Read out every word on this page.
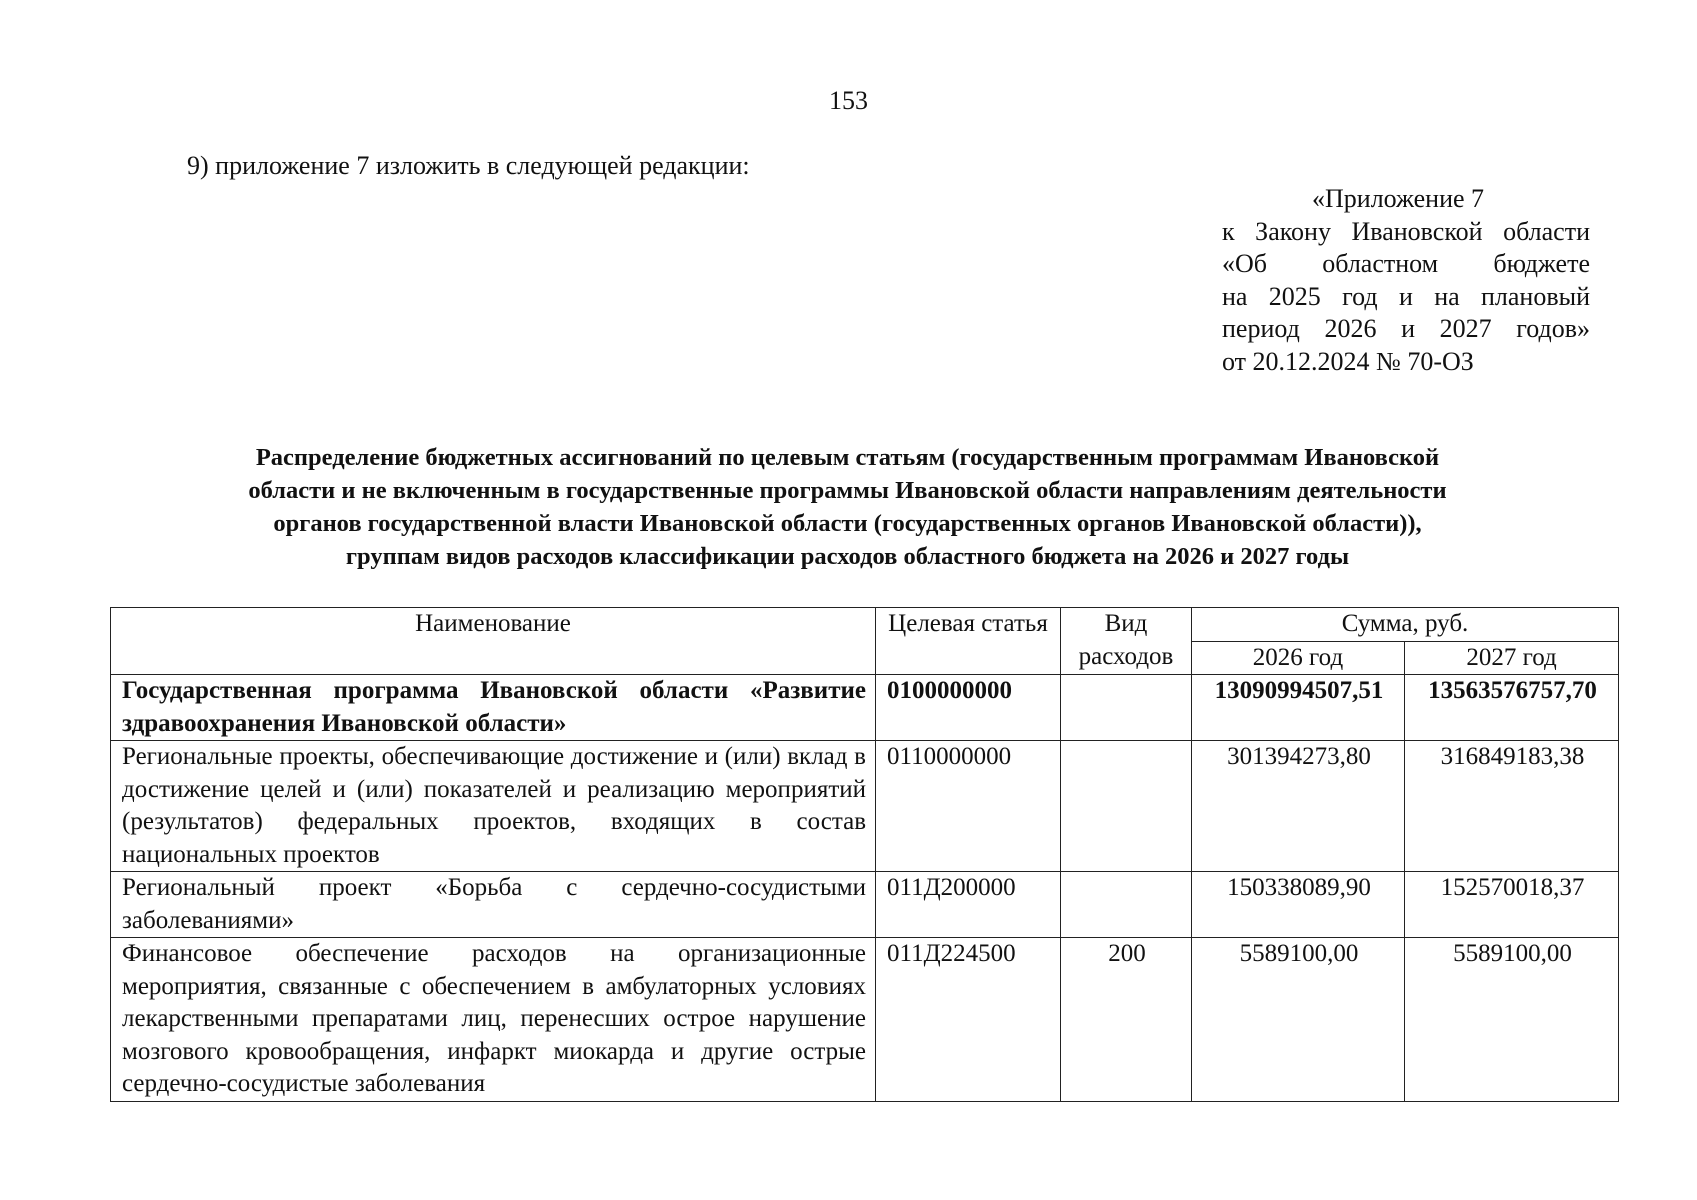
153
9) приложение 7 изложить в следующей редакции:
«Приложение 7
к Закону Ивановской области
«Об областном бюджете
на 2025 год и на плановый
период 2026 и 2027 годов»
от 20.12.2024 № 70-ОЗ
Распределение бюджетных ассигнований по целевым статьям (государственным программам Ивановской
области и не включенным в государственные программы Ивановской области направлениям деятельности
органов государственной власти Ивановской области (государственных органов Ивановской области)),
группам видов расходов классификации расходов областного бюджета на 2026 и 2027 годы
Наименование	Целевая статья	Вид расходов	Сумма, руб.	
			2026 год	2027 год
Государственная программа Ивановской области «Развитие здравоохранения Ивановской области»	0100000000		13090994507,51	13563576757,70
Региональные проекты, обеспечивающие достижение и (или) вклад в достижение целей и (или) показателей и реализацию мероприятий (результатов) федеральных проектов, входящих в состав национальных проектов	0110000000		301394273,80	316849183,38
Региональный проект «Борьба с сердечно-сосудистыми заболеваниями»	011Д200000		150338089,90	152570018,37
Финансовое обеспечение расходов на организационные мероприятия, связанные с обеспечением в амбулаторных условиях лекарственными препаратами лиц, перенесших острое нарушение мозгового кровообращения, инфаркт миокарда и другие острые сердечно-сосудистые заболевания	011Д224500	200	5589100,00	5589100,00
